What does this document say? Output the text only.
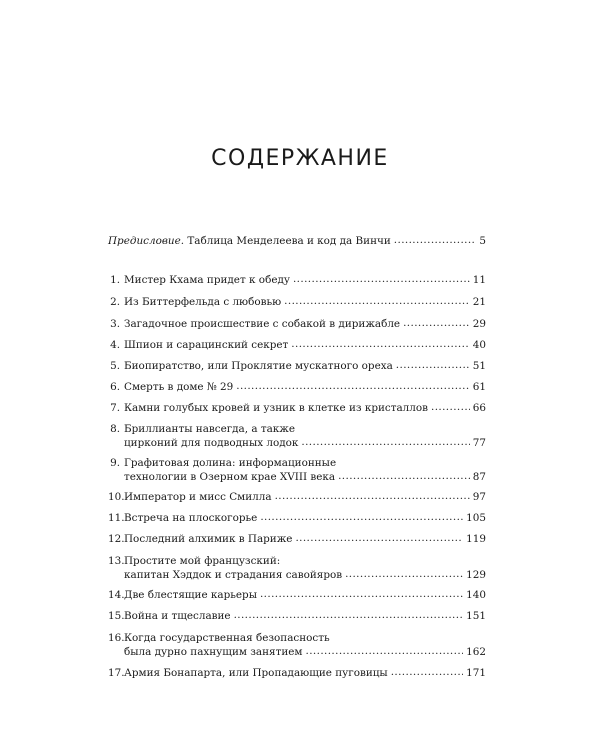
СОДЕРЖАНИЕ
Предисловие. Таблица Менделеева и код да Винчи .....	5
1. Мистер Кхама придет к обеду .....	11
2. Из Биттерфельда с любовью .....	21
3. Загадочное происшествие с собакой в дирижабле .....	29
4. Шпион и сарацинский секрет .....	40
5. Биопиратство, или Проклятие мускатного ореха .....	51
6. Смерть в доме № 29 .....	61
7. Камни голубых кровей и узник в клетке из кристаллов .....	66
8. Бриллианты навсегда, а также
цирконий для подводных лодок .....	77
9. Графитовая долина: информационные
технологии в Озерном крае XVIII века .....	87
10. Император и мисс Смилла .....	97
11. Встреча на плоскогорье .....	105
12. Последний алхимик в Париже .....	119
13. Простите мой французский:
капитан Хэддок и страдания савойяров .....	129
14. Две блестящие карьеры .....	140
15. Война и тщеславие .....	151
16. Когда государственная безопасность
была дурно пахнущим занятием .....	162
17. Армия Бонапарта, или Пропадающие пуговицы .....	171
